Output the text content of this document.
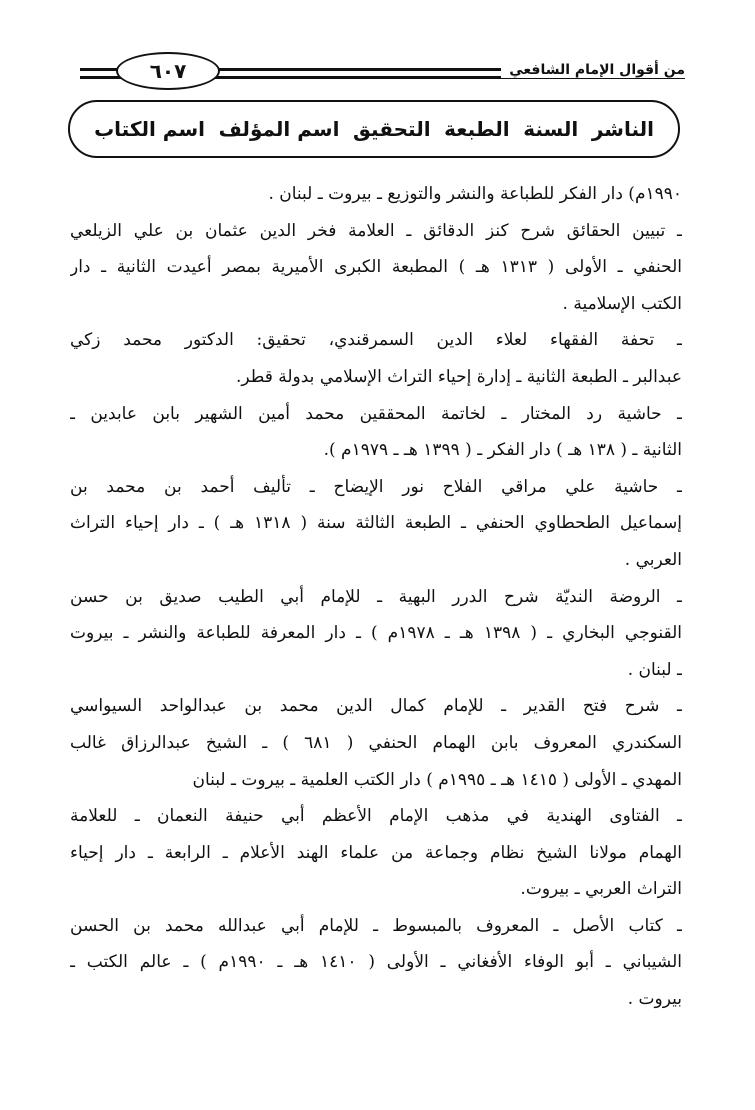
من أقوال الإمام الشافعي
٦٠٧
اسم الكتاب اسم المؤلف التحقيق الطبعة السنة الناشر
١٩٩٠م) دار الفكر للطباعة والنشر والتوزيع ـ بيروت ـ لبنان .
ـ تبيين الحقائق شرح كنز الدقائق ـ العلامة فخر الدين عثمان بن علي الزيلعي
الحنفي ـ الأولى ( ١٣١٣ هـ ) المطبعة الكبرى الأميرية بمصر أعيدت الثانية ـ دار
الكتب الإسلامية .
ـ تحفة الفقهاء لعلاء الدين السمرقندي، تحقيق: الدكتور محمد زكي
عبدالبر ـ الطبعة الثانية ـ إدارة إحياء التراث الإسلامي بدولة قطر.
ـ حاشية رد المختار ـ لخاتمة المحققين محمد أمين الشهير بابن عابدين ـ
الثانية ـ ( ١٣٨ هـ ) دار الفكر ـ ( ١٣٩٩ هـ ـ ١٩٧٩م ).
ـ حاشية علي مراقي الفلاح نور الإيضاح ـ تأليف أحمد بن محمد بن
إسماعيل الطحطاوي الحنفي ـ الطبعة الثالثة سنة ( ١٣١٨ هـ ) ـ دار إحياء التراث
العربي .
ـ الروضة النديّة شرح الدرر البهية ـ للإمام أبي الطيب صديق بن حسن
القنوجي البخاري ـ ( ١٣٩٨ هـ ـ ١٩٧٨م ) ـ دار المعرفة للطباعة والنشر ـ بيروت
ـ لبنان .
ـ شرح فتح القدير ـ للإمام كمال الدين محمد بن عبدالواحد السيواسي
السكندري المعروف بابن الهمام الحنفي ( ٦٨١ ) ـ الشيخ عبدالرزاق غالب
المهدي ـ الأولى ( ١٤١٥ هـ ـ ١٩٩٥م ) دار الكتب العلمية ـ بيروت ـ لبنان
ـ الفتاوى الهندية في مذهب الإمام الأعظم أبي حنيفة النعمان ـ للعلامة
الهمام مولانا الشيخ نظام وجماعة من علماء الهند الأعلام ـ الرابعة ـ دار إحياء
التراث العربي ـ بيروت.
ـ كتاب الأصل ـ المعروف بالمبسوط ـ للإمام أبي عبدالله محمد بن الحسن
الشيباني ـ أبو الوفاء الأفغاني ـ الأولى ( ١٤١٠ هـ ـ ١٩٩٠م ) ـ عالم الكتب ـ
بيروت .
